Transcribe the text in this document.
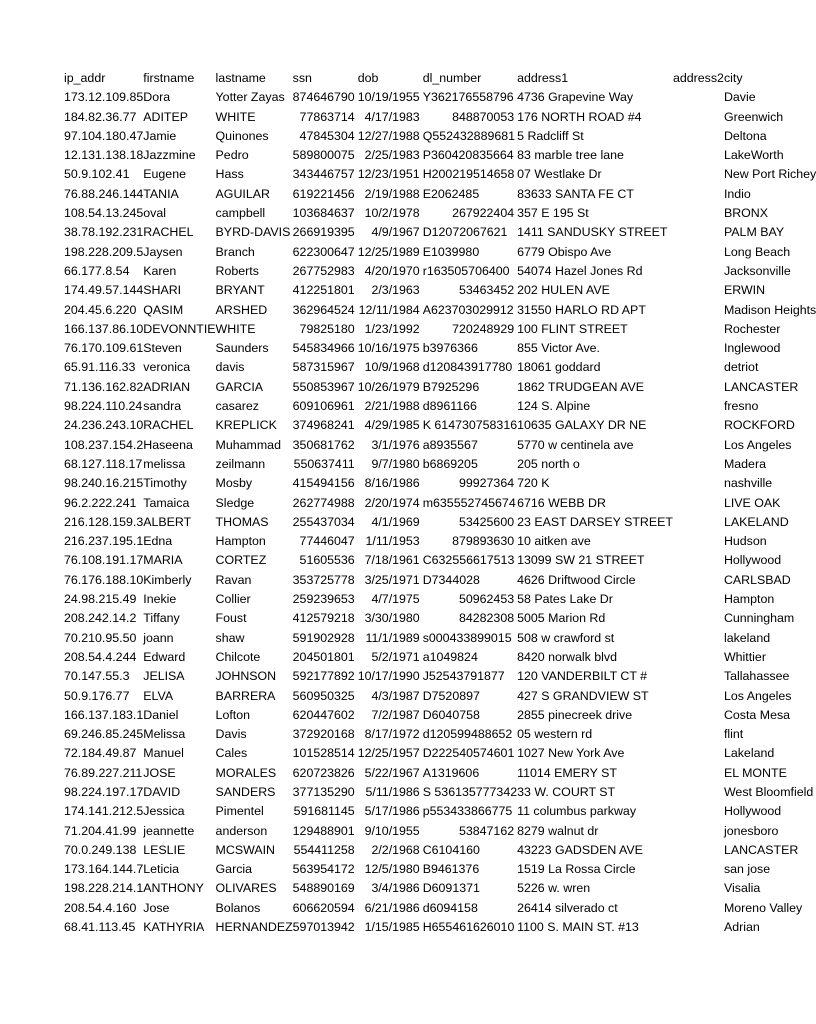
ip_addr	firstname	lastname	ssn	dob	dl_number	address1	address2	city
173.12.109.85	Dora	Yotter Zayas	874646790	10/19/1955	Y362176558796	4736 Grapevine Way		Davie
184.82.36.77	ADITEP	WHITE	77863714	4/17/1983	848870053	176 NORTH ROAD #4		Greenwich
97.104.180.47	Jamie	Quinones	47845304	12/27/1988	Q552432889681	5 Radcliff St		Deltona
12.131.138.18	Jazzmine	Pedro	589800075	2/25/1983	P360420835664	83 marble tree lane		LakeWorth
50.9.102.41	Eugene	Hass	343446757	12/23/1951	H200219514658	07 Westlake Dr		New Port Richey
76.88.246.144	TANIA	AGUILAR	619221456	2/19/1988	E2062485	83633 SANTA FE CT		Indio
108.54.13.245	oval	campbell	103684637	10/2/1978	267922404	357 E 195 St		BRONX
38.78.192.231	RACHEL	BYRD-DAVIS	266919395	4/9/1967	D12072067621	1411 SANDUSKY STREET		PALM BAY
198.228.209.5	Jaysen	Branch	622300647	12/25/1989	E1039980	6779 Obispo Ave		Long Beach
66.177.8.54	Karen	Roberts	267752983	4/20/1970	r163505706400	54074 Hazel Jones Rd		Jacksonville
174.49.57.144	SHARI	BRYANT	412251801	2/3/1963	53463452	202 HULEN AVE		ERWIN
204.45.6.220	QASIM	ARSHED	362964524	12/11/1984	A623703029912	31550 HARLO RD APT		Madison Heights
166.137.86.10	DEVONNTIE	WHITE	79825180	1/23/1992	720248929	100 FLINT STREET		Rochester
76.170.109.61	Steven	Saunders	545834966	10/16/1975	b3976366	855 Victor Ave.		Inglewood
65.91.116.33	veronica	davis	587315967	10/9/1968	d120843917780	18061 goddard		detriot
71.136.162.82	ADRIAN	GARCIA	550853967	10/26/1979	B7925296	1862 TRUDGEAN AVE		LANCASTER
98.224.110.24	sandra	casarez	609106961	2/21/1988	d8961166	124 S. Alpine		fresno
24.236.243.10	RACHEL	KREPLICK	374968241	4/29/1985	K 614730758316	10635 GALAXY DR NE		ROCKFORD
108.237.154.2	Haseena	Muhammad	350681762	3/1/1976	a8935567	5770 w centinela ave		Los Angeles
68.127.118.17	melissa	zeilmann	550637411	9/7/1980	b6869205	205 north o		Madera
98.240.16.215	Timothy	Mosby	415494156	8/16/1986	99927364	720 K		nashville
96.2.222.241	Tamaica	Sledge	262774988	2/20/1974	m635552745674	6716 WEBB DR		LIVE OAK
216.128.159.3	ALBERT	THOMAS	255437034	4/1/1969	53425600	23 EAST DARSEY STREET		LAKELAND
216.237.195.1	Edna	Hampton	77446047	1/11/1953	879893630	10 aitken ave		Hudson
76.108.191.17	MARIA	CORTEZ	51605536	7/18/1961	C632556617513	13099 SW 21 STREET		Hollywood
76.176.188.10	Kimberly	Ravan	353725778	3/25/1971	D7344028	4626 Driftwood Circle		CARLSBAD
24.98.215.49	Inekie	Collier	259239653	4/7/1975	50962453	58 Pates Lake Dr		Hampton
208.242.14.2	Tiffany	Foust	412579218	3/30/1980	84282308	5005 Marion Rd		Cunningham
70.210.95.50	joann	shaw	591902928	11/1/1989	s000433899015	508 w crawford st		lakeland
208.54.4.244	Edward	Chilcote	204501801	5/2/1971	a1049824	8420 norwalk blvd		Whittier
70.147.55.3	JELISA	JOHNSON	592177892	10/17/1990	J52543791877	120 VANDERBILT CT #		Tallahassee
50.9.176.77	ELVA	BARRERA	560950325	4/3/1987	D7520897	427 S GRANDVIEW ST		Los Angeles
166.137.183.1	Daniel	Lofton	620447602	7/2/1987	D6040758	2855 pinecreek drive		Costa Mesa
69.246.85.245	Melissa	Davis	372920168	8/17/1972	d120599488652	05 western rd		flint
72.184.49.87	Manuel	Cales	101528514	12/25/1957	D222540574601	1027 New York Ave		Lakeland
76.89.227.211	JOSE	MORALES	620723826	5/22/1967	A1319606	11014 EMERY ST		EL MONTE
98.224.197.17	DAVID	SANDERS	377135290	5/11/1986	S 536135777342	33 W. COURT ST		West Bloomfield
174.141.212.5	Jessica	Pimentel	591681145	5/17/1986	p553433866775	11 columbus parkway		Hollywood
71.204.41.99	jeannette	anderson	129488901	9/10/1955	53847162	8279 walnut dr		jonesboro
70.0.249.138	LESLIE	MCSWAIN	554411258	2/2/1968	C6104160	43223 GADSDEN AVE		LANCASTER
173.164.144.7	Leticia	Garcia	563954172	12/5/1980	B9461376	1519 La Rossa Circle		san jose
198.228.214.1	ANTHONY	OLIVARES	548890169	3/4/1986	D6091371	5226 w. wren		Visalia
208.54.4.160	Jose	Bolanos	606620594	6/21/1986	d6094158	26414 silverado ct		Moreno Valley
68.41.113.45	KATHYRIA	HERNANDEZ	597013942	1/15/1985	H655461626010	1100 S. MAIN ST. #13		Adrian
